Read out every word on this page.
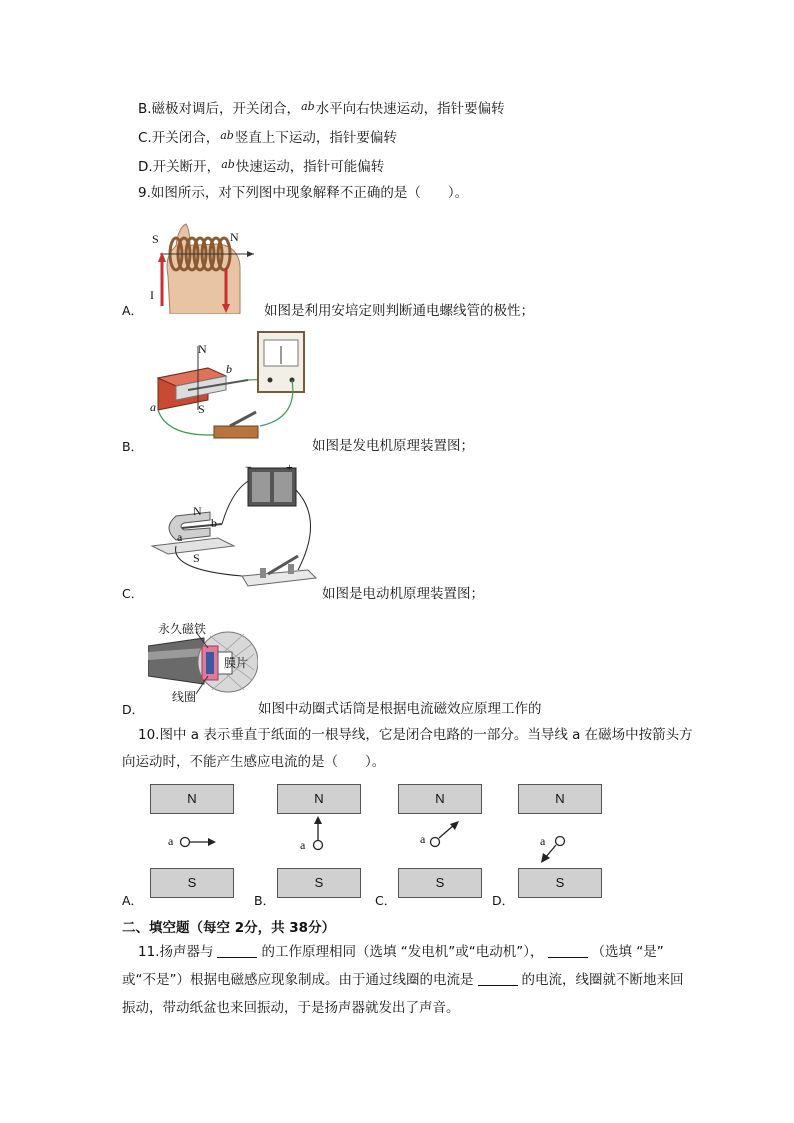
B.磁极对调后，开关闭合，$^{ab}$水平向右快速运动，指针要偏转
C.开关闭合，$^{ab}$竖直上下运动，指针要偏转
D.开关断开，$^{ab}$快速运动，指针可能偏转
9.如图所示，对下列图中现象解释不正确的是（　　）。
S	N
I
A．	如图是利用安培定则判断通电螺线管的极性；
N
S
a
b
B．	如图是发电机原理装置图；
−	+
N
b
a
S
C．	如图是电动机原理装置图；
永久磁铁
膜片
线圈
D．	如图中动圈式话筒是根据电流磁效应原理工作的
10.图中 a 表示垂直于纸面的一根导线，它是闭合电路的一部分。当导线 a 在磁场中按箭头方
向运动时，不能产生感应电流的是（　　）。
N
S
a
A．
N
S
a
B．
N
S
a
C．
N
S
a
D．
二、填空题（每空 2分，共 38分）
11.扬声器与	的工作原理相同（选填 “发电机”或“电动机”），	（选填 “是”
或“不是”）根据电磁感应现象制成。由于通过线圈的电流是	的电流，线圈就不断地来回
振动，带动纸盆也来回振动，于是扬声器就发出了声音。
